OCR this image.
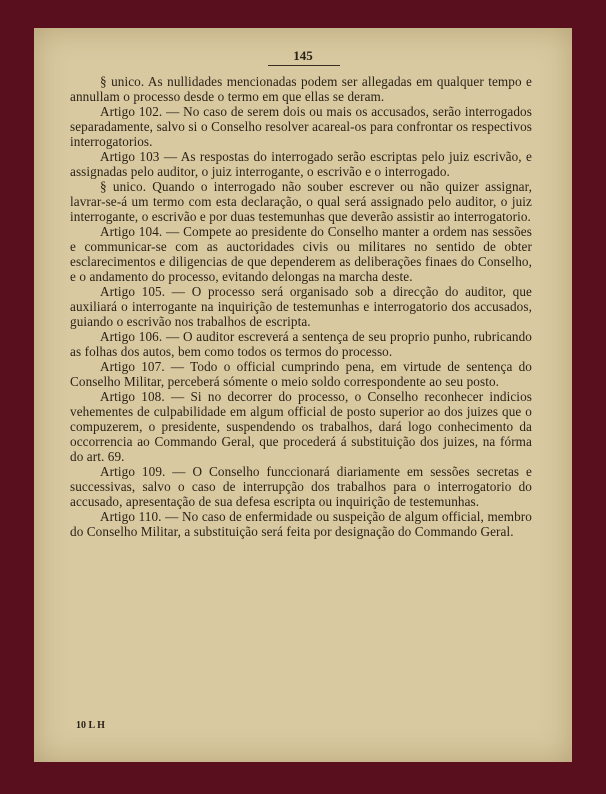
145

§ unico. As nullidades mencionadas podem ser allegadas em qualquer tempo e annullam o processo desde o termo em que ellas se deram.

Artigo 102. — No caso de serem dois ou mais os accusados, serão interrogados separadamente, salvo si o Conselho resolver acareal-os para confrontar os respectivos interrogatorios.

Artigo 103 — As respostas do interrogado serão escriptas pelo juiz escrivão, e assignadas pelo auditor, o juiz interrogante, o escrivão e o interrogado.

§ unico. Quando o interrogado não souber escrever ou não quizer assignar, lavrar-se-á um termo com esta declaração, o qual será assignado pelo auditor, o juiz interrogante, o escrivão e por duas testemunhas que deverão assistir ao interrogatorio.

Artigo 104. — Compete ao presidente do Conselho manter a ordem nas sessões e communicar-se com as auctoridades civis ou militares no sentido de obter esclarecimentos e diligencias de que dependerem as deliberações finaes do Conselho, e o andamento do processo, evitando delongas na marcha deste.

Artigo 105. — O processo será organisado sob a direcção do auditor, que auxiliará o interrogante na inquirição de testemunhas e interrogatorio dos accusados, guiando o escrivão nos trabalhos de escripta.

Artigo 106. — O auditor escreverá a sentença de seu proprio punho, rubricando as folhas dos autos, bem como todos os termos do processo.

Artigo 107. — Todo o official cumprindo pena, em virtude de sentença do Conselho Militar, perceberá sómente o meio soldo correspondente ao seu posto.

Artigo 108. — Si no decorrer do processo, o Conselho reconhecer indicios vehementes de culpabilidade em algum official de posto superior ao dos juizes que o compuzerem, o presidente, suspendendo os trabalhos, dará logo conhecimento da occorrencia ao Commando Geral, que procederá á substituição dos juizes, na fórma do art. 69.

Artigo 109. — O Conselho funccionará diariamente em sessões secretas e successivas, salvo o caso de interrupção dos trabalhos para o interrogatorio do accusado, apresentação de sua defesa escripta ou inquirição de testemunhas.

Artigo 110. — No caso de enfermidade ou suspeição de algum official, membro do Conselho Militar, a substituição será feita por designação do Commando Geral.

10 L H
